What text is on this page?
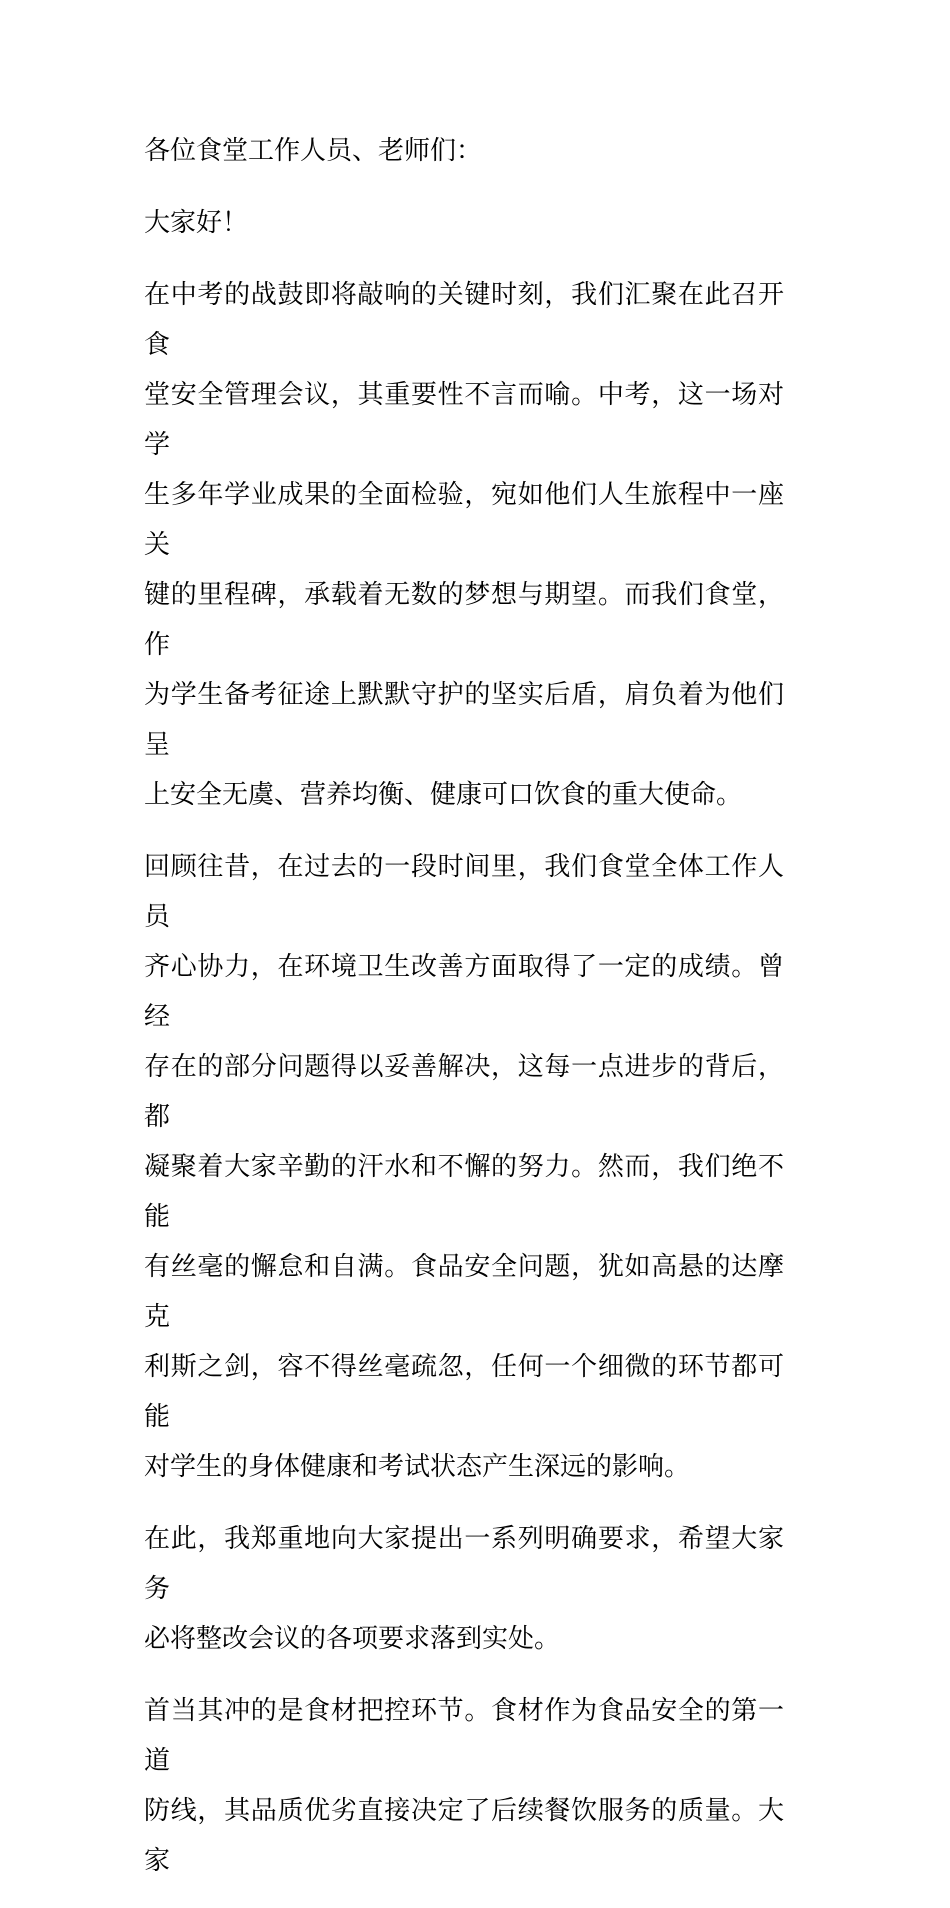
各位食堂工作人员、老师们：

大家好！

在中考的战鼓即将敲响的关键时刻，我们汇聚在此召开食
堂安全管理会议，其重要性不言而喻。中考，这一场对学
生多年学业成果的全面检验，宛如他们人生旅程中一座关
键的里程碑，承载着无数的梦想与期望。而我们食堂，作
为学生备考征途上默默守护的坚实后盾，肩负着为他们呈
上安全无虞、营养均衡、健康可口饮食的重大使命。

回顾往昔，在过去的一段时间里，我们食堂全体工作人员
齐心协力，在环境卫生改善方面取得了一定的成绩。曾经
存在的部分问题得以妥善解决，这每一点进步的背后，都
凝聚着大家辛勤的汗水和不懈的努力。然而，我们绝不能
有丝毫的懈怠和自满。食品安全问题，犹如高悬的达摩克
利斯之剑，容不得丝毫疏忽，任何一个细微的环节都可能
对学生的身体健康和考试状态产生深远的影响。

在此，我郑重地向大家提出一系列明确要求，希望大家务
必将整改会议的各项要求落到实处。

首当其冲的是食材把控环节。食材作为食品安全的第一道
防线，其品质优劣直接决定了后续餐饮服务的质量。大家
